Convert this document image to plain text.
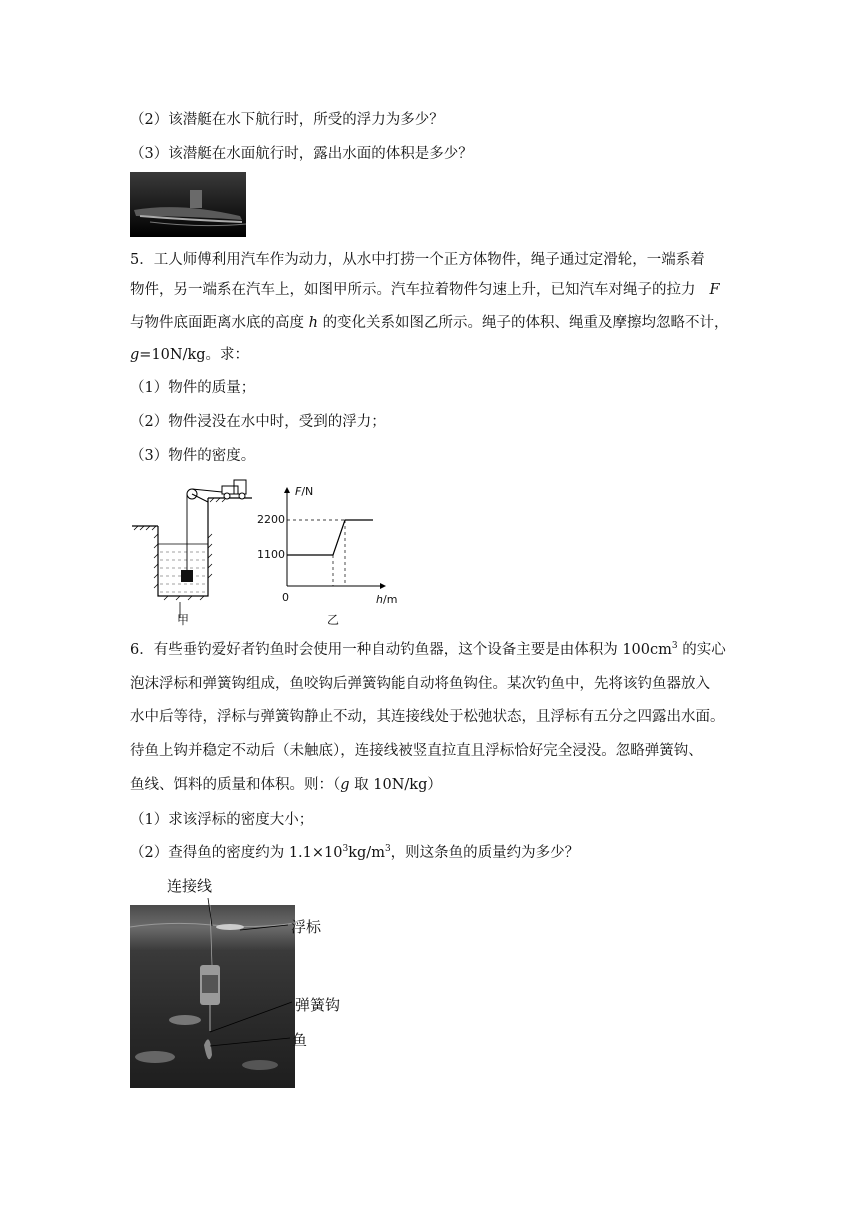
（2）该潜艇在水下航行时，所受的浮力为多少？
（3）该潜艇在水面航行时，露出水面的体积是多少？
5．工人师傅利用汽车作为动力，从水中打捞一个正方体物件，绳子通过定滑轮，一端系着
物件，另一端系在汽车上，如图甲所示。汽车拉着物件匀速上升，已知汽车对绳子的拉力 F
与物件底面距离水底的高度 h 的变化关系如图乙所示。绳子的体积、绳重及摩擦均忽略不计，
g=10N/kg。求：
（1）物件的质量；
（2）物件浸没在水中时，受到的浮力；
（3）物件的密度。
甲
F/N
2200
1100
0	h/m
乙
6．有些垂钓爱好者钓鱼时会使用一种自动钓鱼器，这个设备主要是由体积为 $100cm^3$ 的实心
泡沫浮标和弹簧钩组成，鱼咬钩后弹簧钩能自动将鱼钩住。某次钓鱼中，先将该钓鱼器放入
水中后等待，浮标与弹簧钩静止不动，其连接线处于松弛状态，且浮标有五分之四露出水面。
待鱼上钩并稳定不动后（未触底），连接线被竖直拉直且浮标恰好完全浸没。忽略弹簧钩、
鱼线、饵料的质量和体积。则：（g 取 10N/kg）
（1）求该浮标的密度大小；
（2）查得鱼的密度约为 $1.1\times 10^3kg/m^3$，则这条鱼的质量约为多少？
连接线
浮标
弹簧钩
鱼
